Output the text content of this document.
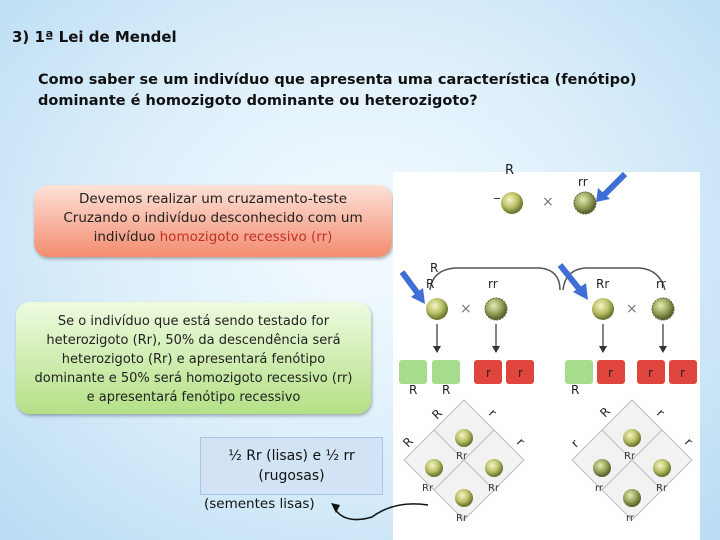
3) 1ª Lei de Mendel
Como saber se um indivíduo que apresenta uma característica (fenótipo) dominante é homozigoto dominante ou heterozigoto?
Devemos realizar um cruzamento-teste
Cruzando o indivíduo desconhecido com um
indivíduo homozigoto recessivo (rr)
Se o indivíduo que está sendo testado for heterozigoto (Rr), 50% da descendência será heterozigoto (Rr) e apresentará fenótipo dominante e 50% será homozigoto recessivo (rr) e apresentará fenótipo recessivo
½ Rr (lisas) e ½ rr (rugosas)
(sementes lisas)
R
_
rr
×
R
R	rr
×
Rr	rr
×
r r	r	r r
R R	R
Rr
Rr	Rr
Rr
R
R
r
r
Rr
rr	Rr
rr
R
r
r
r
